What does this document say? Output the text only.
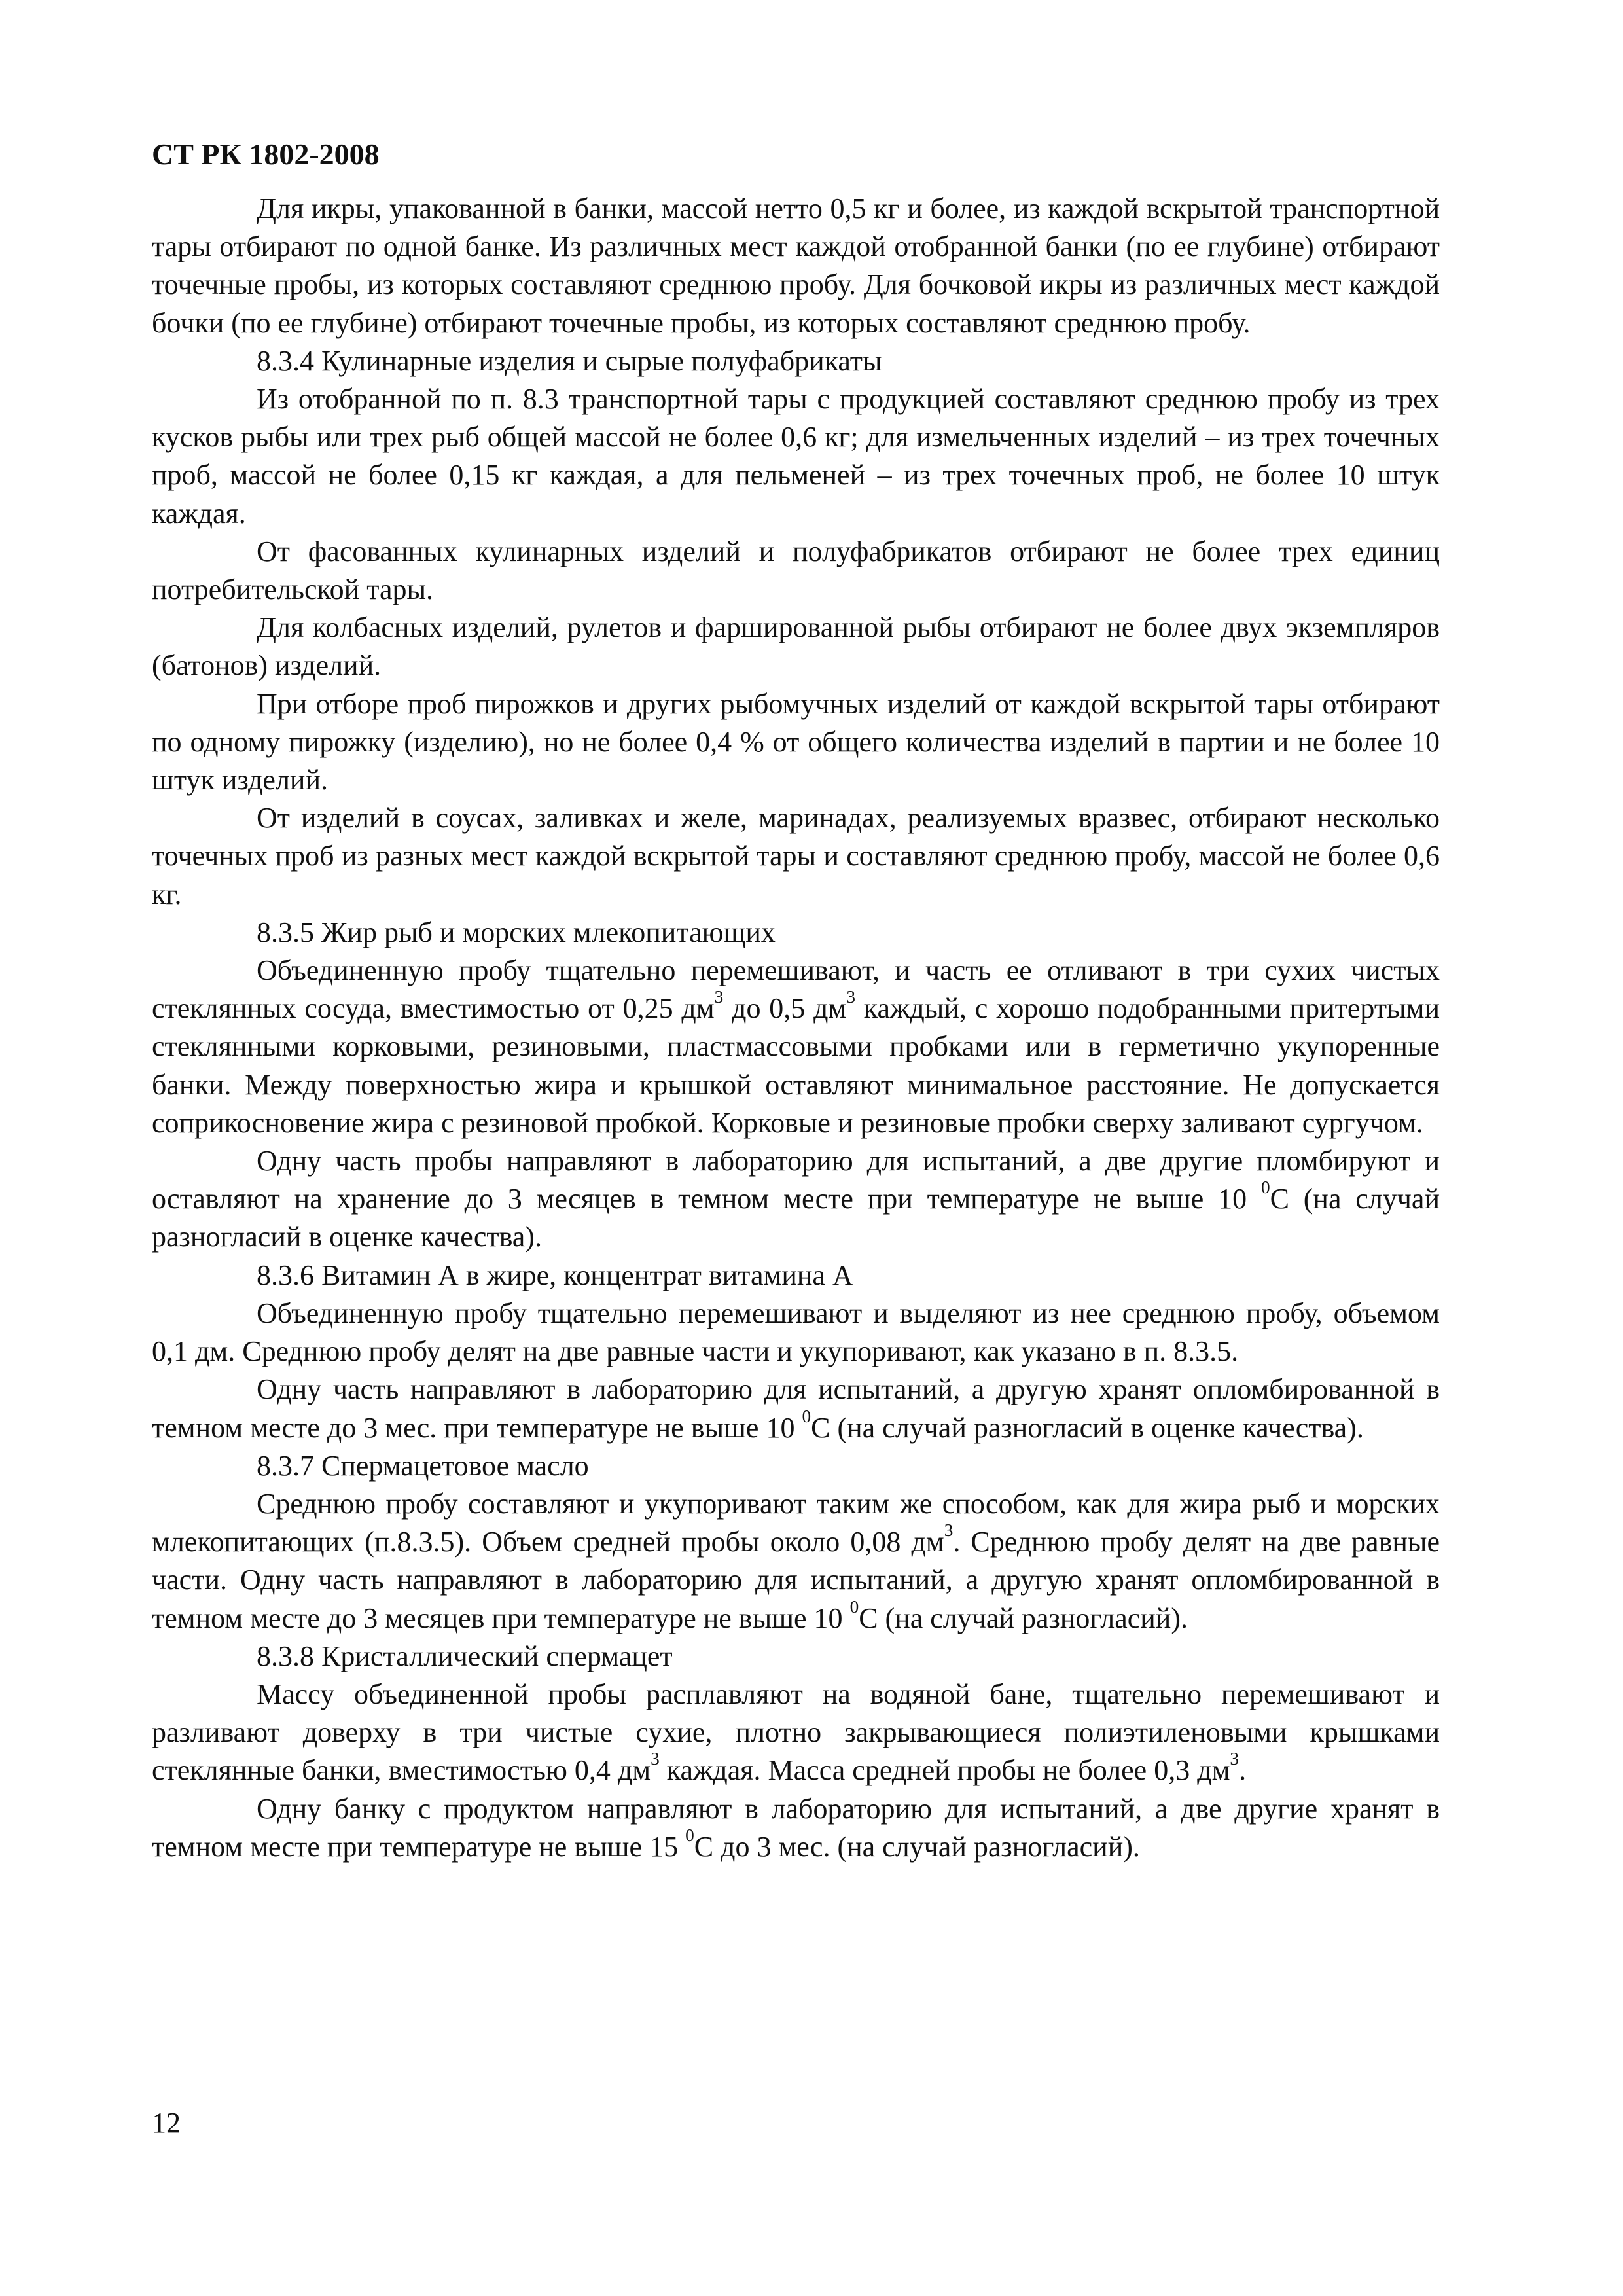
СТ РК 1802-2008

Для икры, упакованной в банки, массой нетто 0,5 кг и более, из каждой вскрытой транспортной тары отбирают по одной банке. Из различных мест каждой отобранной банки (по ее глубине) отбирают точечные пробы, из которых составляют среднюю пробу. Для бочковой икры из различных мест каждой бочки (по ее глубине) отбирают точечные пробы, из которых составляют среднюю пробу.

8.3.4 Кулинарные изделия и сырые полуфабрикаты

Из отобранной по п. 8.3 транспортной тары с продукцией составляют среднюю пробу из трех кусков рыбы или трех рыб общей массой не более 0,6 кг; для измельченных изделий – из трех точечных проб, массой не более 0,15 кг каждая, а для пельменей – из трех точечных проб, не более 10 штук каждая.

От фасованных кулинарных изделий и полуфабрикатов отбирают не более трех единиц потребительской тары.

Для колбасных изделий, рулетов и фаршированной рыбы отбирают не более двух экземпляров (батонов) изделий.

При отборе проб пирожков и других рыбомучных изделий от каждой вскрытой тары отбирают по одному пирожку (изделию), но не более 0,4 % от общего количества изделий в партии и не более 10 штук изделий.

От изделий в соусах, заливках и желе, маринадах, реализуемых вразвес, отбирают несколько точечных проб из разных мест каждой вскрытой тары и составляют среднюю пробу, массой не более 0,6 кг.

8.3.5 Жир рыб и морских млекопитающих

Объединенную пробу тщательно перемешивают, и часть ее отливают в три сухих чистых стеклянных сосуда, вместимостью от 0,25 $дм^3$ до 0,5 $дм^3$ каждый, с хорошо подобранными притертыми стеклянными корковыми, резиновыми, пластмассовыми пробками или в герметично укупоренные банки. Между поверхностью жира и крышкой оставляют минимальное расстояние. Не допускается соприкосновение жира с резиновой пробкой. Корковые и резиновые пробки сверху заливают сургучом.

Одну часть пробы направляют в лабораторию для испытаний, а две другие пломбируют и оставляют на хранение до 3 месяцев в темном месте при температуре не выше 10 $^0$С (на случай разногласий в оценке качества).

8.3.6 Витамин А в жире, концентрат витамина А

Объединенную пробу тщательно перемешивают и выделяют из нее среднюю пробу, объемом 0,1 дм. Среднюю пробу делят на две равные части и укупоривают, как указано в п. 8.3.5.

Одну часть направляют в лабораторию для испытаний, а другую хранят опломбированной в темном месте до 3 мес. при температуре не выше 10 $^0$С (на случай разногласий в оценке качества).

8.3.7 Спермацетовое масло

Среднюю пробу составляют и укупоривают таким же способом, как для жира рыб и морских млекопитающих (п.8.3.5). Объем средней пробы около 0,08 $дм^3$. Среднюю пробу делят на две равные части. Одну часть направляют в лабораторию для испытаний, а другую хранят опломбированной в темном месте до 3 месяцев при температуре не выше 10 $^0$С (на случай разногласий).

8.3.8 Кристаллический спермацет

Массу объединенной пробы расплавляют на водяной бане, тщательно перемешивают и разливают доверху в три чистые сухие, плотно закрывающиеся полиэтиленовыми крышками стеклянные банки, вместимостью 0,4 $дм^3$ каждая. Масса средней пробы не более 0,3 $дм^3$.

Одну банку с продуктом направляют в лабораторию для испытаний, а две другие хранят в темном месте при температуре не выше 15 $^0$С до 3 мес. (на случай разногласий).

12
